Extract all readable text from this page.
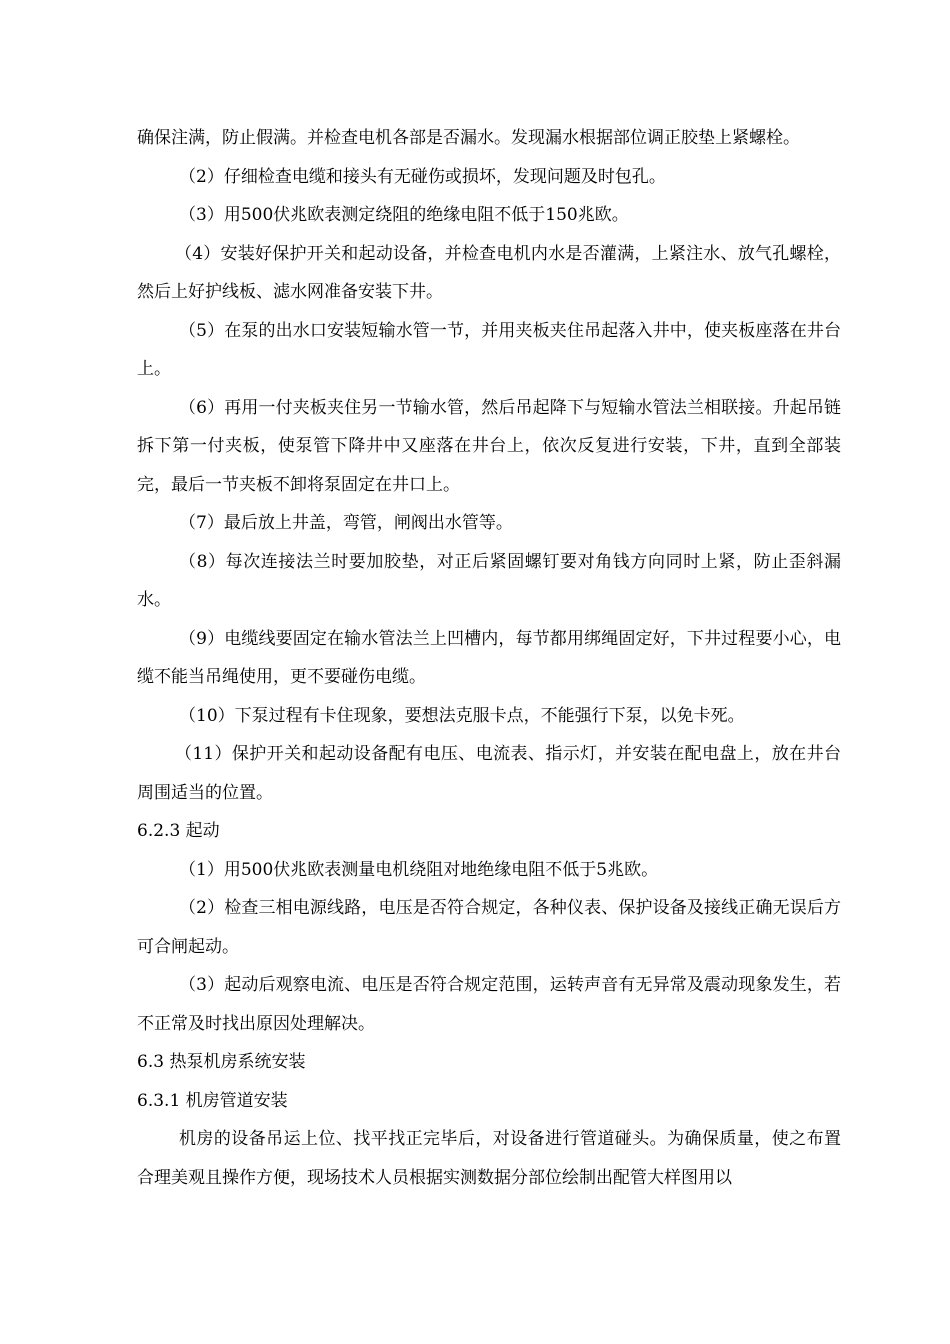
确保注满，防止假满。并检查电机各部是否漏水。发现漏水根据部位调正胶垫上紧螺栓。

（2）仔细检查电缆和接头有无碰伤或损坏，发现问题及时包孔。

（3）用500伏兆欧表测定绕阻的绝缘电阻不低于150兆欧。

（4）安装好保护开关和起动设备，并检查电机内水是否灌满，上紧注水、放气孔螺栓，然后上好护线板、滤水网准备安装下井。

（5）在泵的出水口安装短输水管一节，并用夹板夹住吊起落入井中，使夹板座落在井台上。

（6）再用一付夹板夹住另一节输水管，然后吊起降下与短输水管法兰相联接。升起吊链拆下第一付夹板，使泵管下降井中又座落在井台上，依次反复进行安装，下井，直到全部装完，最后一节夹板不卸将泵固定在井口上。

（7）最后放上井盖，弯管，闸阀出水管等。

（8）每次连接法兰时要加胶垫，对正后紧固螺钉要对角钱方向同时上紧，防止歪斜漏水。

（9）电缆线要固定在输水管法兰上凹槽内，每节都用绑绳固定好，下井过程要小心，电缆不能当吊绳使用，更不要碰伤电缆。

（10）下泵过程有卡住现象，要想法克服卡点，不能强行下泵，以免卡死。

（11）保护开关和起动设备配有电压、电流表、指示灯，并安装在配电盘上，放在井台周围适当的位置。

6.2.3 起动

（1）用500伏兆欧表测量电机绕阻对地绝缘电阻不低于5兆欧。

（2）检查三相电源线路，电压是否符合规定，各种仪表、保护设备及接线正确无误后方可合闸起动。

（3）起动后观察电流、电压是否符合规定范围，运转声音有无异常及震动现象发生，若不正常及时找出原因处理解决。

6.3 热泵机房系统安装
6.3.1 机房管道安装

机房的设备吊运上位、找平找正完毕后，对设备进行管道碰头。为确保质量，使之布置合理美观且操作方便，现场技术人员根据实测数据分部位绘制出配管大样图用以
